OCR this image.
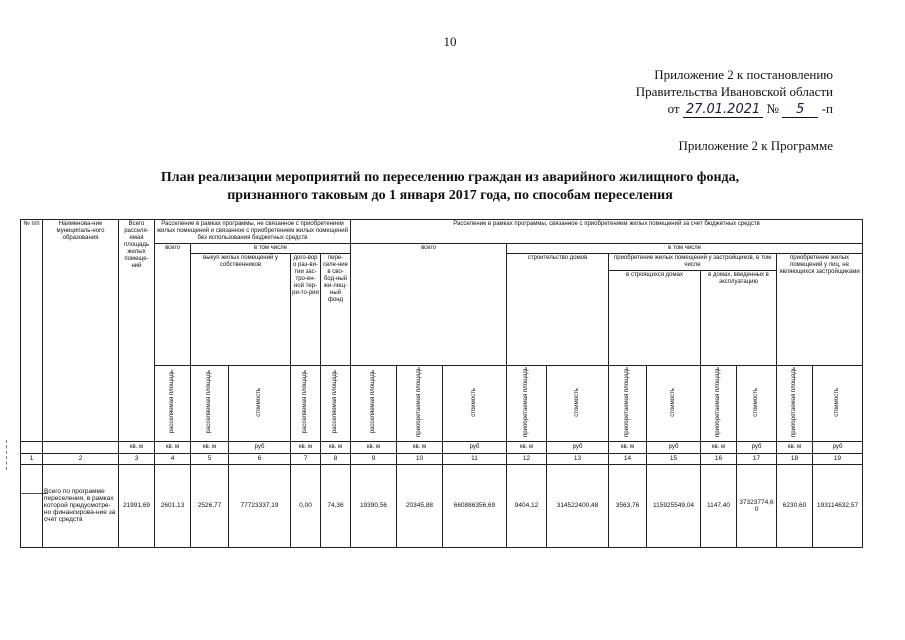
10
Приложение 2 к постановлению
Правительства Ивановской области
от 27.01.2021 № 5 -п
Приложение 2 к Программе
План реализации мероприятий по переселению граждан из аварийного жилищного фонда,
признанного таковым до 1 января 2017 года, по способам переселения
№ п/п	Наименова-ние муниципаль-ного образования	Всего расселя-емая площадь жилых помеще-ний	Расселение в рамках программы, не связанное с приобретением жилых помещений и связанное с приобретением жилых помещений без использования бюджетных средств					Расселение в рамках программы, связанное с приобретением жилых помещений за счет бюджетных средств										
			всего	в том числе				всего			в том числе							
				выкуп жилых помещений у собственников		дого-вор о раз-ви-тии зас-тро-ен-ной тер-ри-то-рии	пере-селе-ние в сво-бод-ный жи-лищ-ный фонд				строительство домов		приобретение жилых помещений у застройщиков, в том числе				приобретение жилых помещений у лиц, не являющихся застройщиками	
													в строящихся домах		в домах, введенных в эксплуатацию			
			расселяемая площадь	расселяемая площадь	стоимость	расселяемая площадь	расселяемая площадь	расселяемая площадь	приобретаемая площадь	стоимость	приобретаемая площадь	стоимость	приобретаемая площадь	стоимость	приобретаемая площадь	стоимость	приобретаемая площадь	стоимость
		кв. м	кв. м	кв. м	руб	кв. м	кв. м	кв. м	кв. м	руб	кв. м	руб	кв. м	руб	кв. м	руб	кв. м	руб
1	2	3	4	5	6	7	8	9	10	11	12	13	14	15	16	17	18	19
	Всего по программе переселения, в рамках которой предусмотре-но финансирова-ние за счет средств	21991,69	2601,13	2526,77	77723337,19	0,00	74,36	19390,56	20345,88	660886356,69	9404,12	314522400,48	3563,76	115925549,04	1147,40	37323774,60	6230,60	193114632,57
